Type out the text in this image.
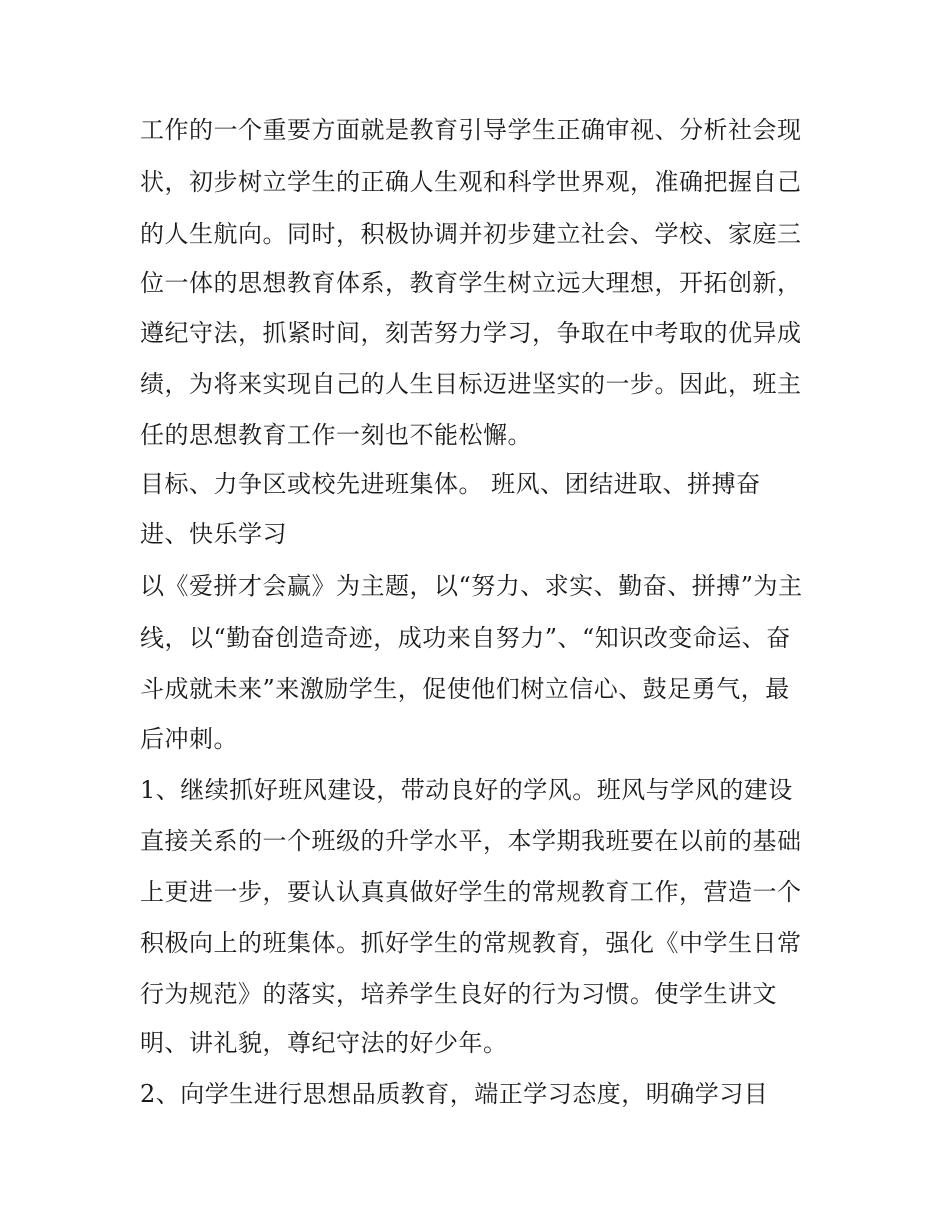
工作的一个重要方面就是教育引导学生正确审视、分析社会现
状，初步树立学生的正确人生观和科学世界观，准确把握自己
的人生航向。同时，积极协调并初步建立社会、学校、家庭三
位一体的思想教育体系，教育学生树立远大理想，开拓创新，
遵纪守法，抓紧时间，刻苦努力学习，争取在中考取的优异成
绩，为将来实现自己的人生目标迈进坚实的一步。因此，班主
任的思想教育工作一刻也不能松懈。
目标、力争区或校先进班集体。 班风、团结进取、拼搏奋
进、快乐学习
以《爱拼才会赢》为主题，以“努力、求实、勤奋、拼搏”为主
线，以“勤奋创造奇迹，成功来自努力”、“知识改变命运、奋
斗成就未来”来激励学生，促使他们树立信心、鼓足勇气，最
后冲刺。
1、继续抓好班风建设，带动良好的学风。班风与学风的建设
直接关系的一个班级的升学水平，本学期我班要在以前的基础
上更进一步，要认认真真做好学生的常规教育工作，营造一个
积极向上的班集体。抓好学生的常规教育，强化《中学生日常
行为规范》的落实，培养学生良好的行为习惯。使学生讲文
明、讲礼貌，尊纪守法的好少年。
2、向学生进行思想品质教育，端正学习态度，明确学习目
